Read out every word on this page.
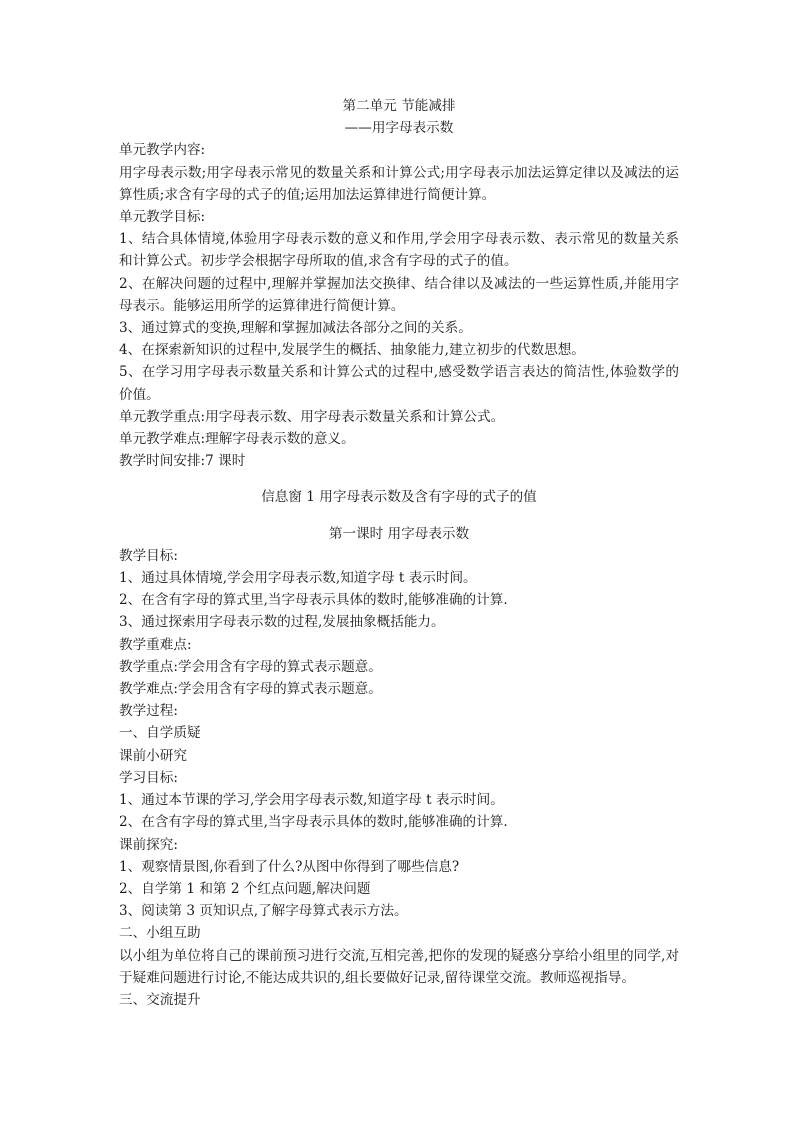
第二单元 节能减排
——用字母表示数
单元教学内容:
用字母表示数;用字母表示常见的数量关系和计算公式;用字母表示加法运算定律以及减法的运算性质;求含有字母的式子的值;运用加法运算律进行简便计算。
单元教学目标:
1、结合具体情境,体验用字母表示数的意义和作用,学会用字母表示数、表示常见的数量关系和计算公式。初步学会根据字母所取的值,求含有字母的式子的值。
2、在解决问题的过程中,理解并掌握加法交换律、结合律以及减法的一些运算性质,并能用字母表示。能够运用所学的运算律进行简便计算。
3、通过算式的变换,理解和掌握加减法各部分之间的关系。
4、在探索新知识的过程中,发展学生的概括、抽象能力,建立初步的代数思想。
5、在学习用字母表示数量关系和计算公式的过程中,感受数学语言表达的简洁性,体验数学的价值。
单元教学重点:用字母表示数、用字母表示数量关系和计算公式。
单元教学难点:理解字母表示数的意义。
教学时间安排:7 课时
信息窗 1 用字母表示数及含有字母的式子的值
第一课时 用字母表示数
教学目标:
1、通过具体情境,学会用字母表示数,知道字母 t 表示时间。
2、在含有字母的算式里,当字母表示具体的数时,能够准确的计算.
3、通过探索用字母表示数的过程,发展抽象概括能力。
教学重难点:
教学重点:学会用含有字母的算式表示题意。
教学难点:学会用含有字母的算式表示题意。
教学过程:
一、自学质疑
课前小研究
学习目标:
1、通过本节课的学习,学会用字母表示数,知道字母 t 表示时间。
2、在含有字母的算式里,当字母表示具体的数时,能够准确的计算.
课前探究:
1、观察情景图,你看到了什么?从图中你得到了哪些信息?
2、自学第 1 和第 2 个红点问题,解决问题
3、阅读第 3 页知识点,了解字母算式表示方法。
二、小组互助
以小组为单位将自己的课前预习进行交流,互相完善,把你的发现的疑惑分享给小组里的同学,对于疑难问题进行讨论,不能达成共识的,组长要做好记录,留待课堂交流。教师巡视指导。
三、交流提升
